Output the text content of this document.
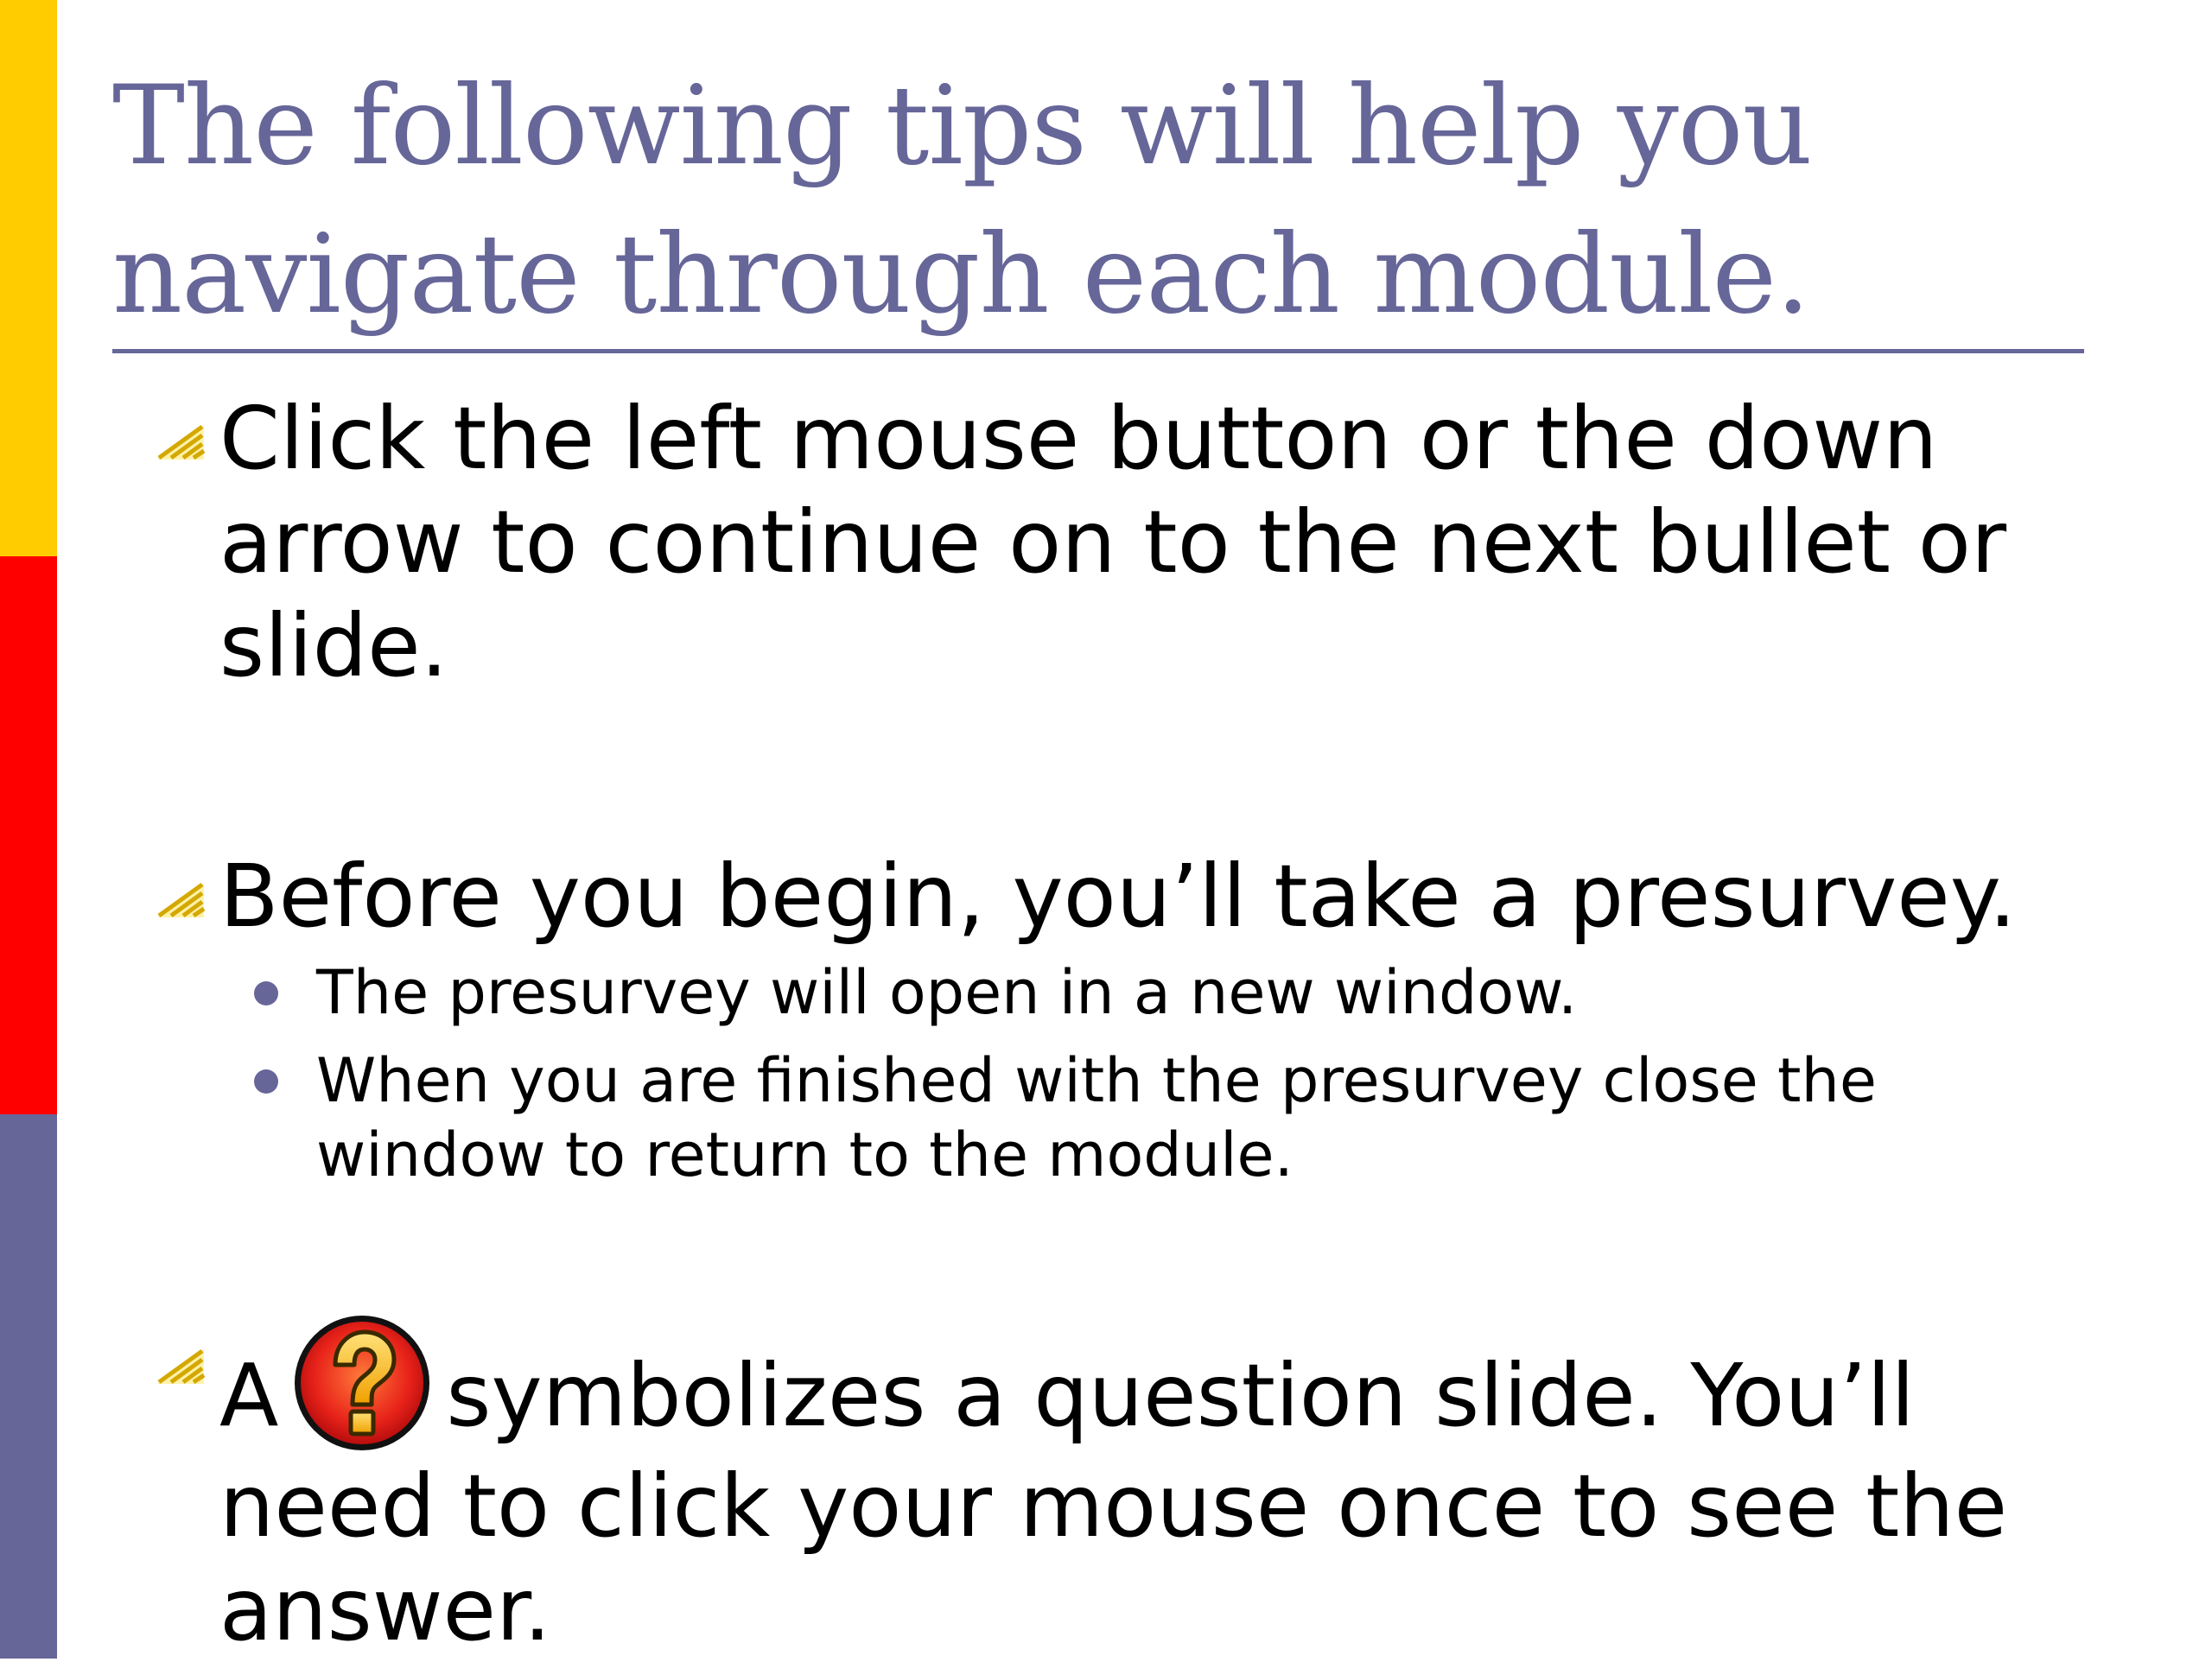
The following tips will help you navigate through each module.
Click the left mouse button or the down arrow to continue on to the next bullet or slide.
Before you begin, you’ll take a presurvey.
The presurvey will open in a new window.
When you are finished with the presurvey close the window to return to the module.
A symbolizes a question slide. You’ll need to click your mouse once to see the answer.
